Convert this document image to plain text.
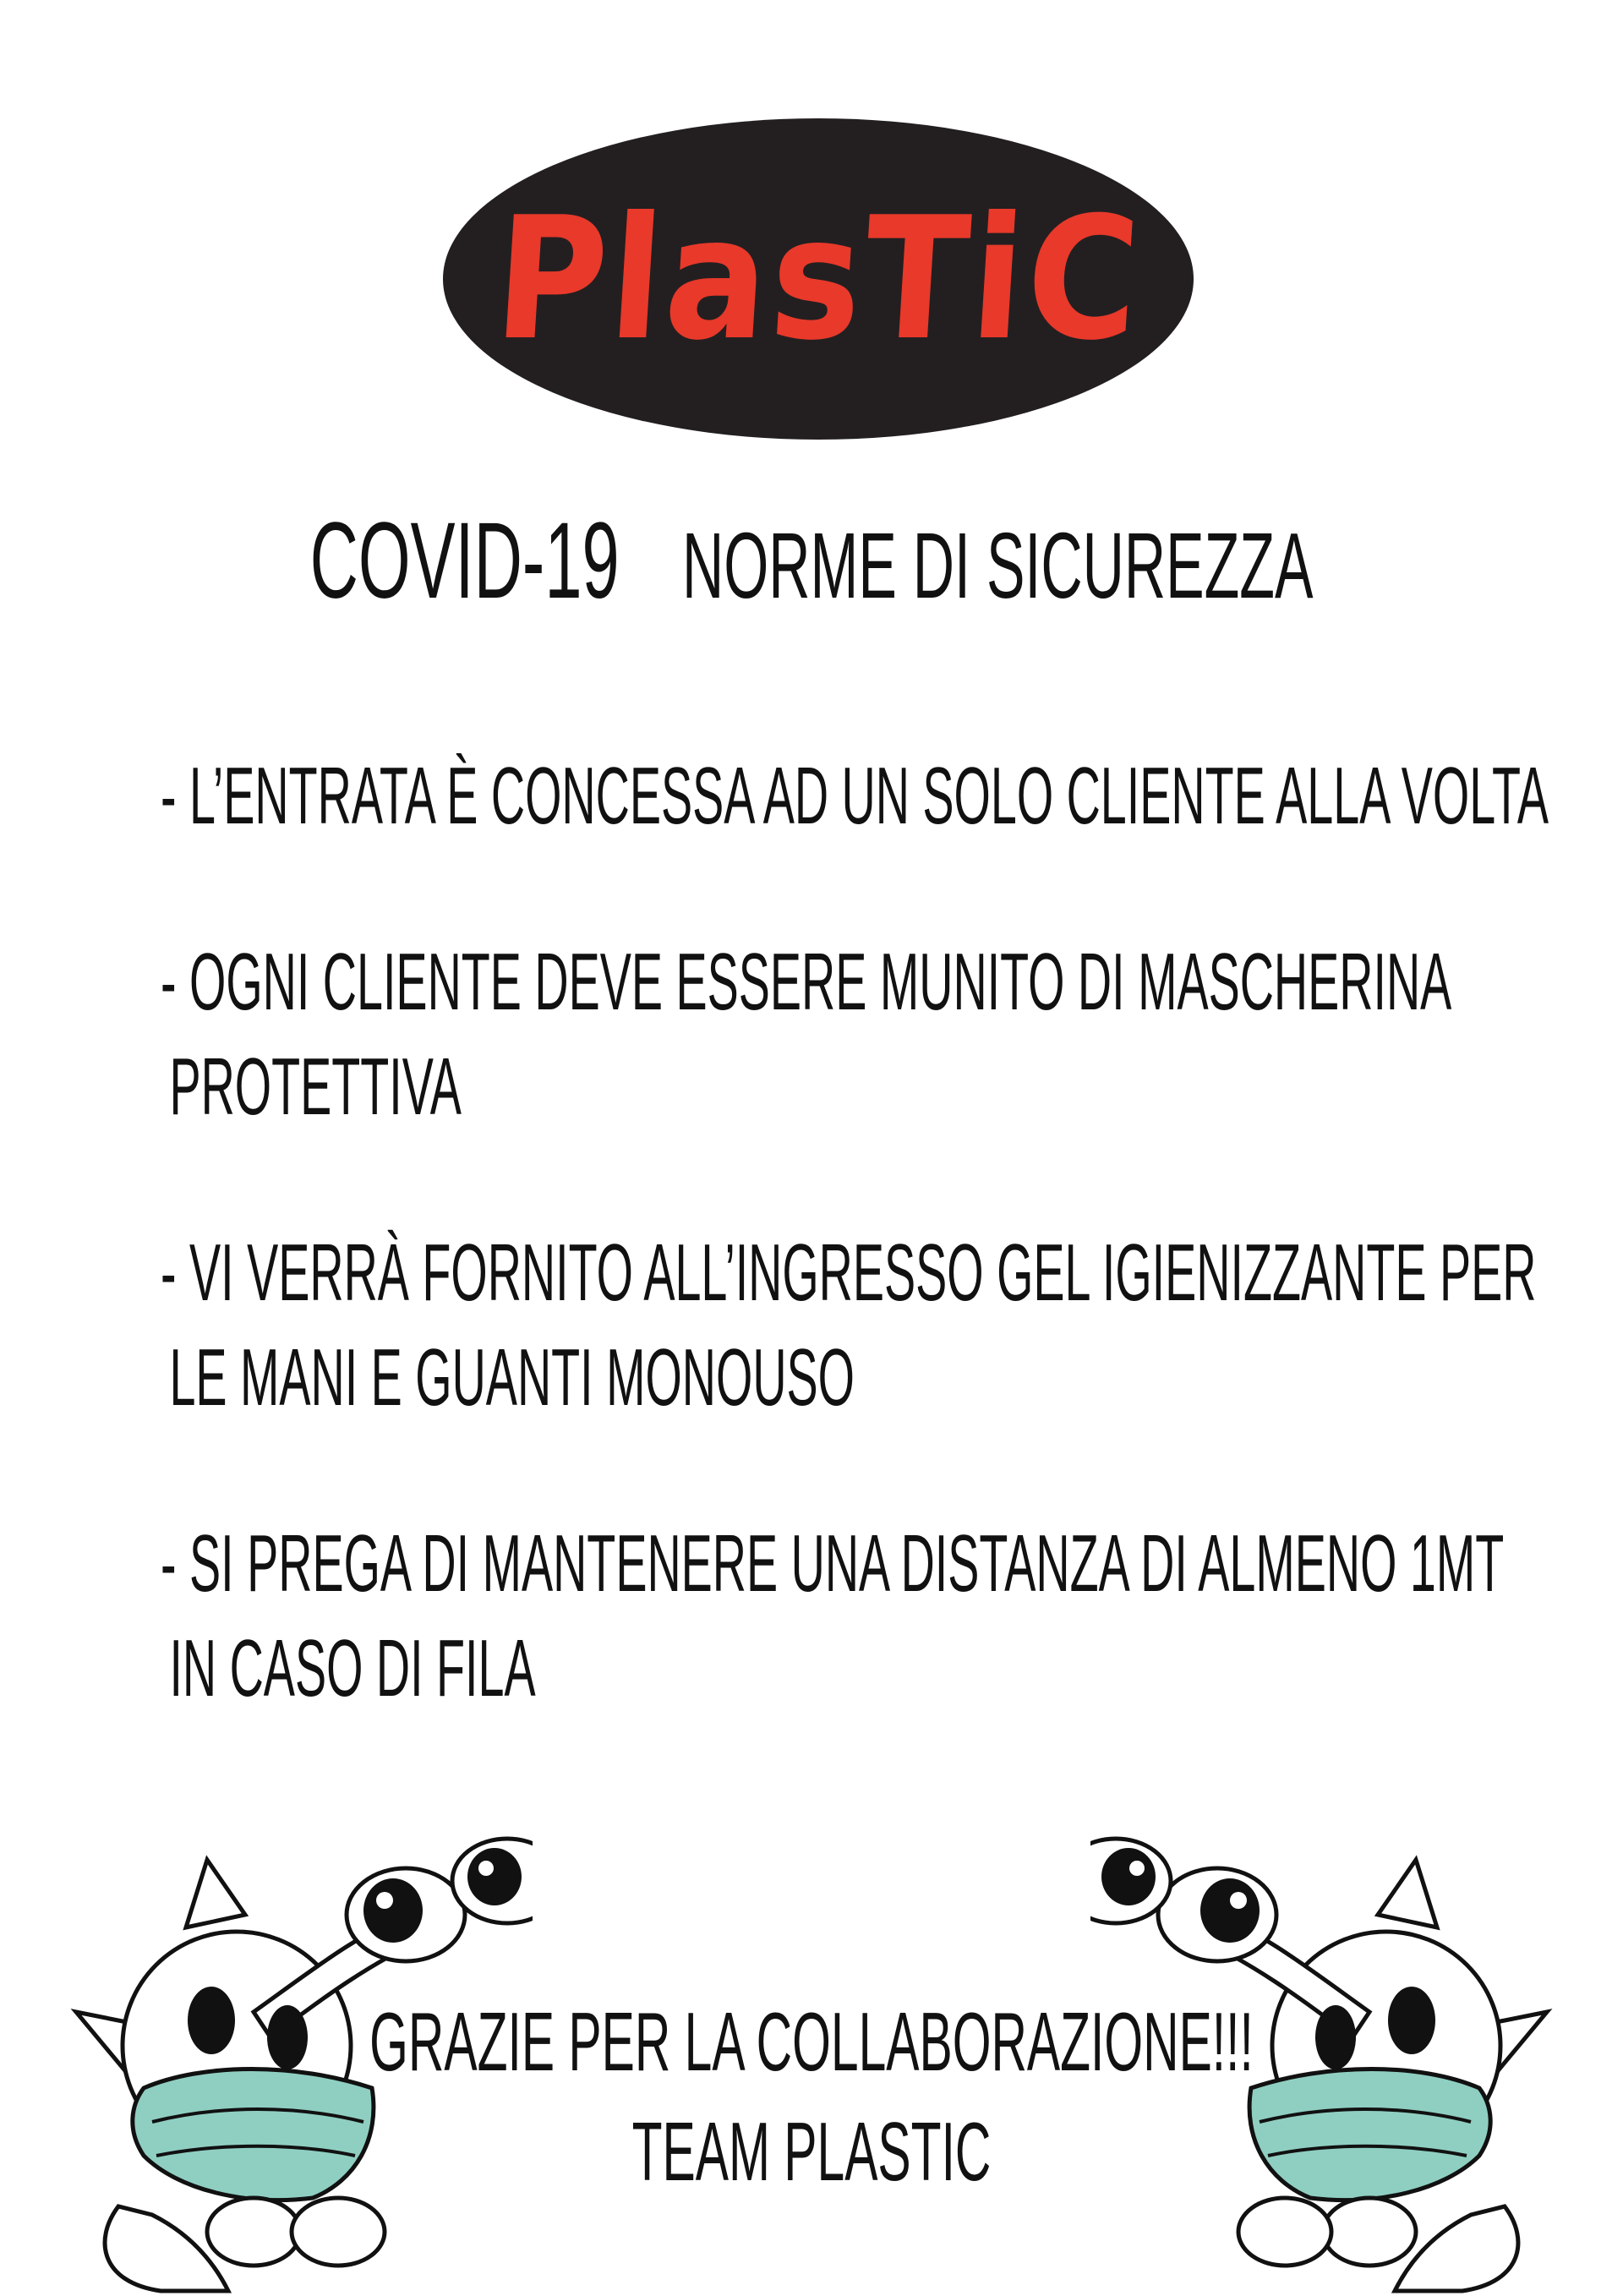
PlasTiC
COVID-19 NORME DI SICUREZZA
- L’ENTRATA È CONCESSA AD UN SOLO CLIENTE ALLA VOLTA
- OGNI CLIENTE DEVE ESSERE MUNITO DI MASCHERINA
PROTETTIVA
- VI VERRÀ FORNITO ALL’INGRESSO GEL IGIENIZZANTE PER
LE MANI E GUANTI MONOUSO
- SI PREGA DI MANTENERE UNA DISTANZA DI ALMENO 1MT
IN CASO DI FILA
GRAZIE PER LA COLLABORAZIONE!!!
TEAM PLASTIC
